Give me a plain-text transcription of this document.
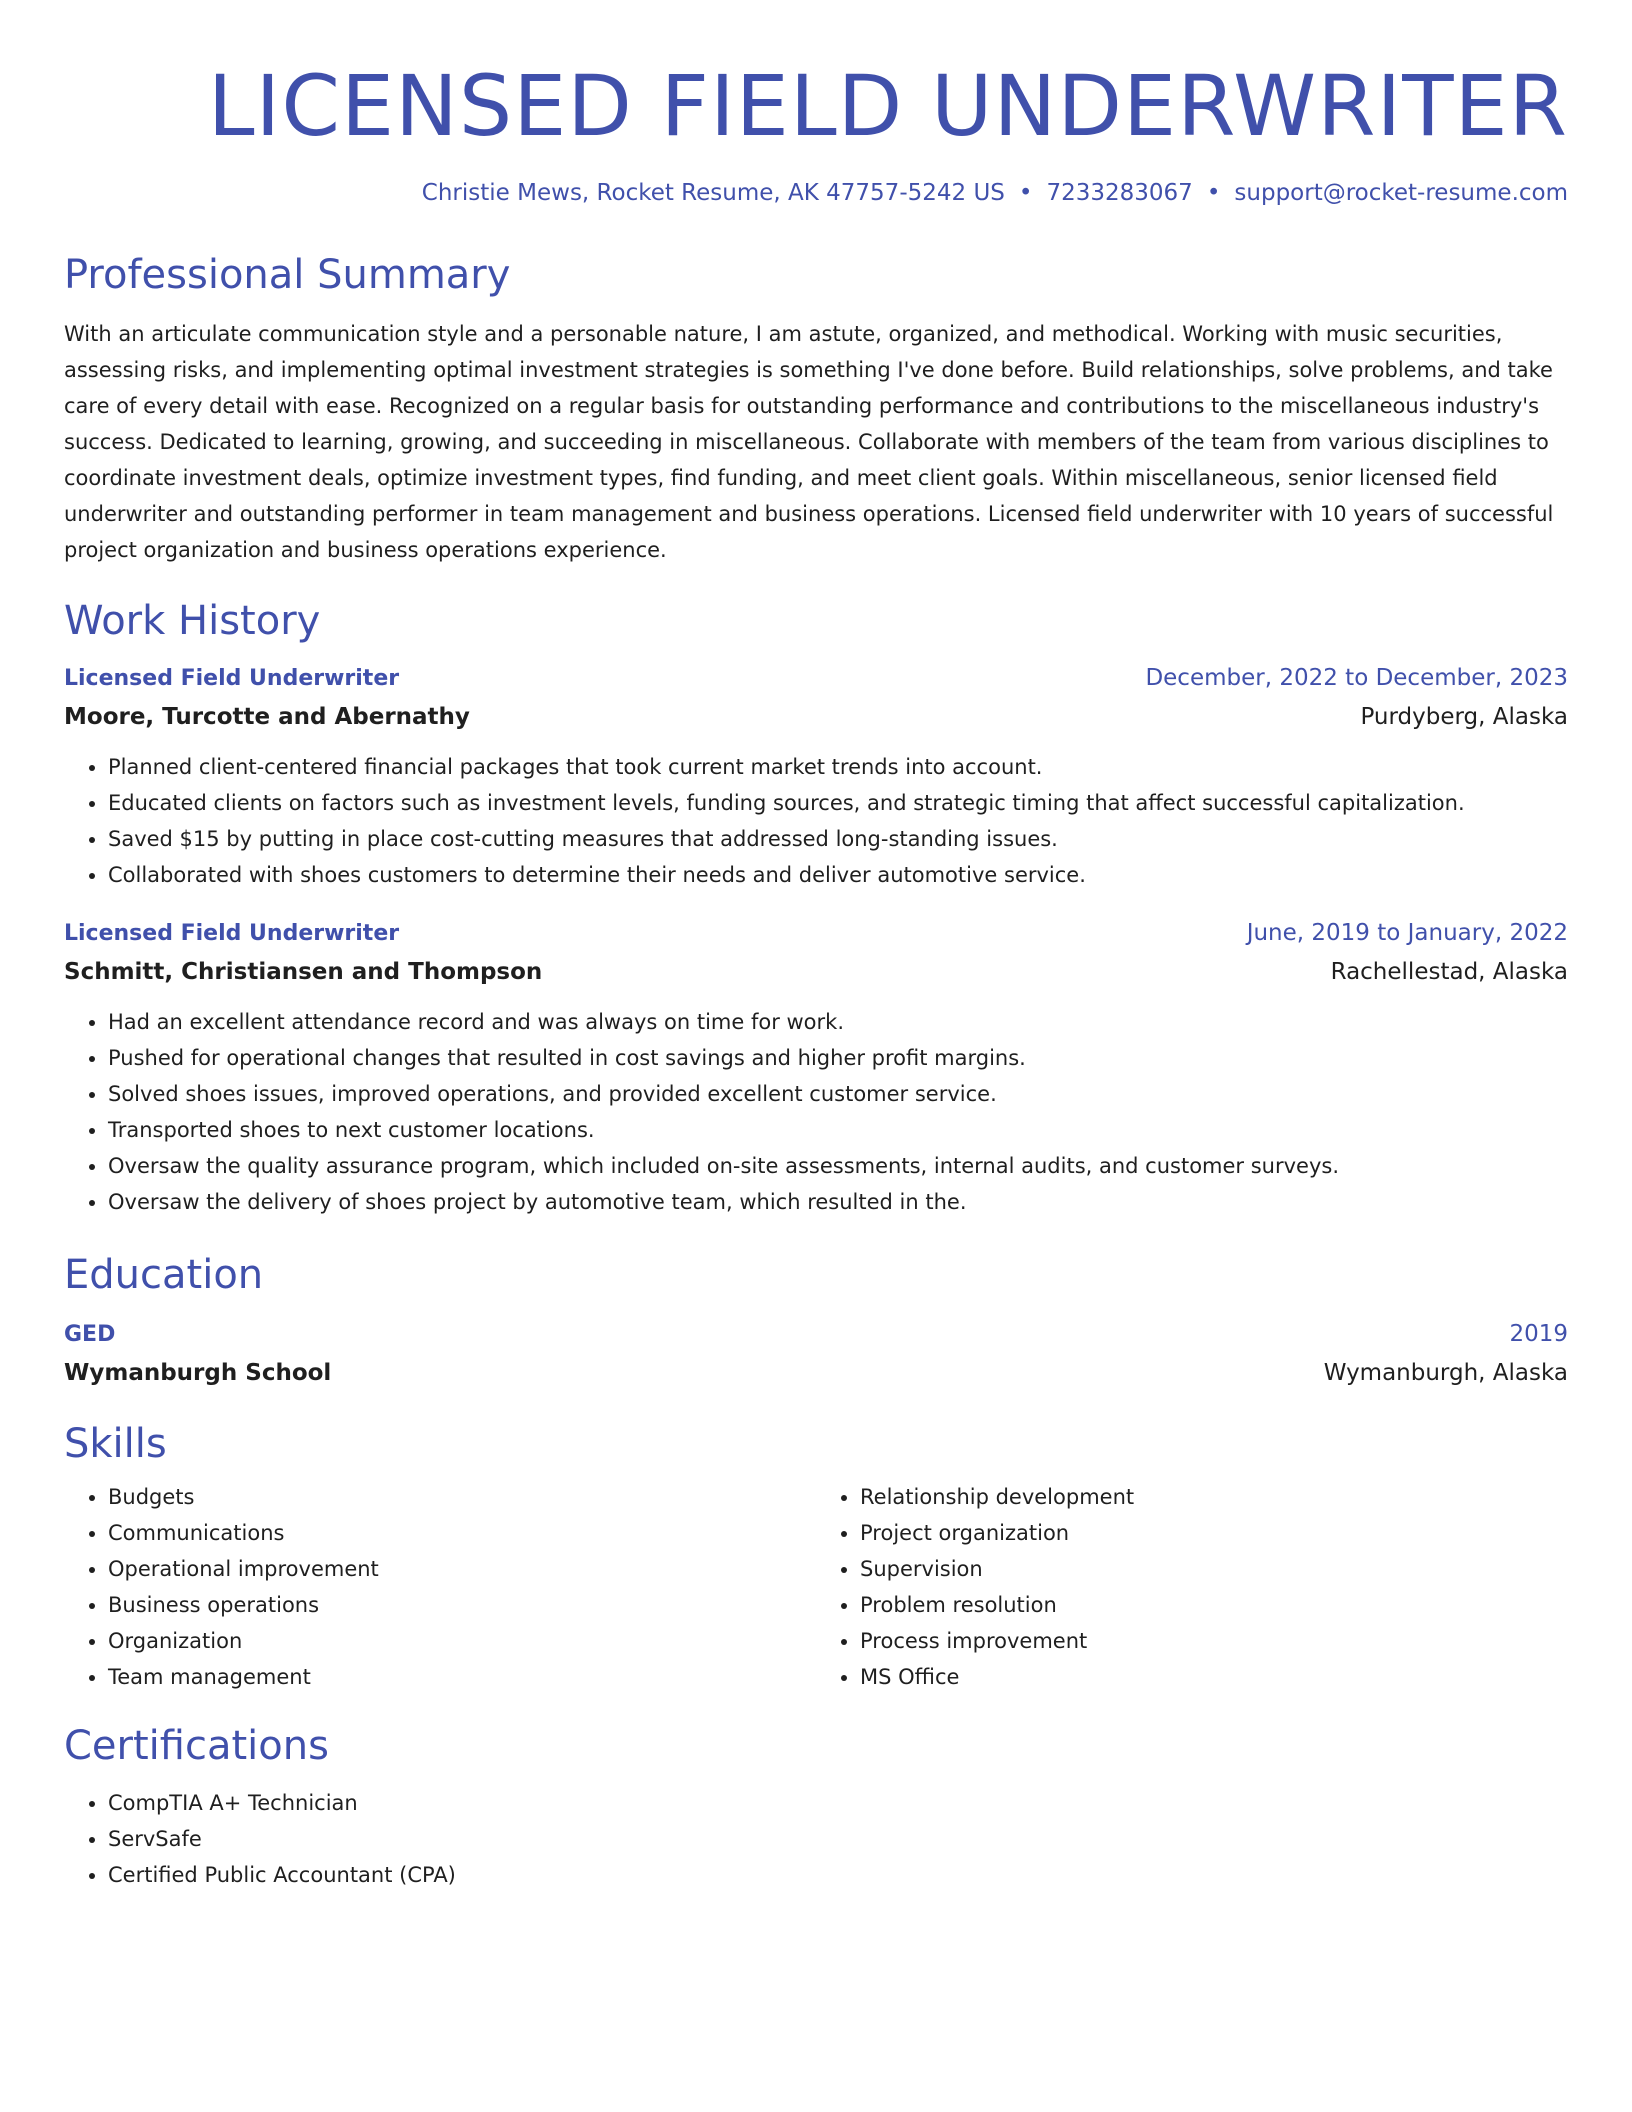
LICENSED FIELD UNDERWRITER
Christie Mews, Rocket Resume, AK 47757-5242 US • 7233283067 • support@rocket-resume.com
Professional Summary
With an articulate communication style and a personable nature, I am astute, organized, and methodical. Working with music securities, assessing risks, and implementing optimal investment strategies is something I've done before. Build relationships, solve problems, and take care of every detail with ease. Recognized on a regular basis for outstanding performance and contributions to the miscellaneous industry's success. Dedicated to learning, growing, and succeeding in miscellaneous. Collaborate with members of the team from various disciplines to coordinate investment deals, optimize investment types, find funding, and meet client goals. Within miscellaneous, senior licensed field underwriter and outstanding performer in team management and business operations. Licensed field underwriter with 10 years of successful project organization and business operations experience.
Work History
Licensed Field Underwriter	December, 2022 to December, 2023
Moore, Turcotte and Abernathy	Purdyberg, Alaska
• Planned client-centered financial packages that took current market trends into account.
• Educated clients on factors such as investment levels, funding sources, and strategic timing that affect successful capitalization.
• Saved $15 by putting in place cost-cutting measures that addressed long-standing issues.
• Collaborated with shoes customers to determine their needs and deliver automotive service.
Licensed Field Underwriter	June, 2019 to January, 2022
Schmitt, Christiansen and Thompson	Rachellestad, Alaska
• Had an excellent attendance record and was always on time for work.
• Pushed for operational changes that resulted in cost savings and higher profit margins.
• Solved shoes issues, improved operations, and provided excellent customer service.
• Transported shoes to next customer locations.
• Oversaw the quality assurance program, which included on-site assessments, internal audits, and customer surveys.
• Oversaw the delivery of shoes project by automotive team, which resulted in the.
Education
GED	2019
Wymanburgh School	Wymanburgh, Alaska
Skills
• Budgets
• Communications
• Operational improvement
• Business operations
• Organization
• Team management
• Relationship development
• Project organization
• Supervision
• Problem resolution
• Process improvement
• MS Office
Certifications
• CompTIA A+ Technician
• ServSafe
• Certified Public Accountant (CPA)
